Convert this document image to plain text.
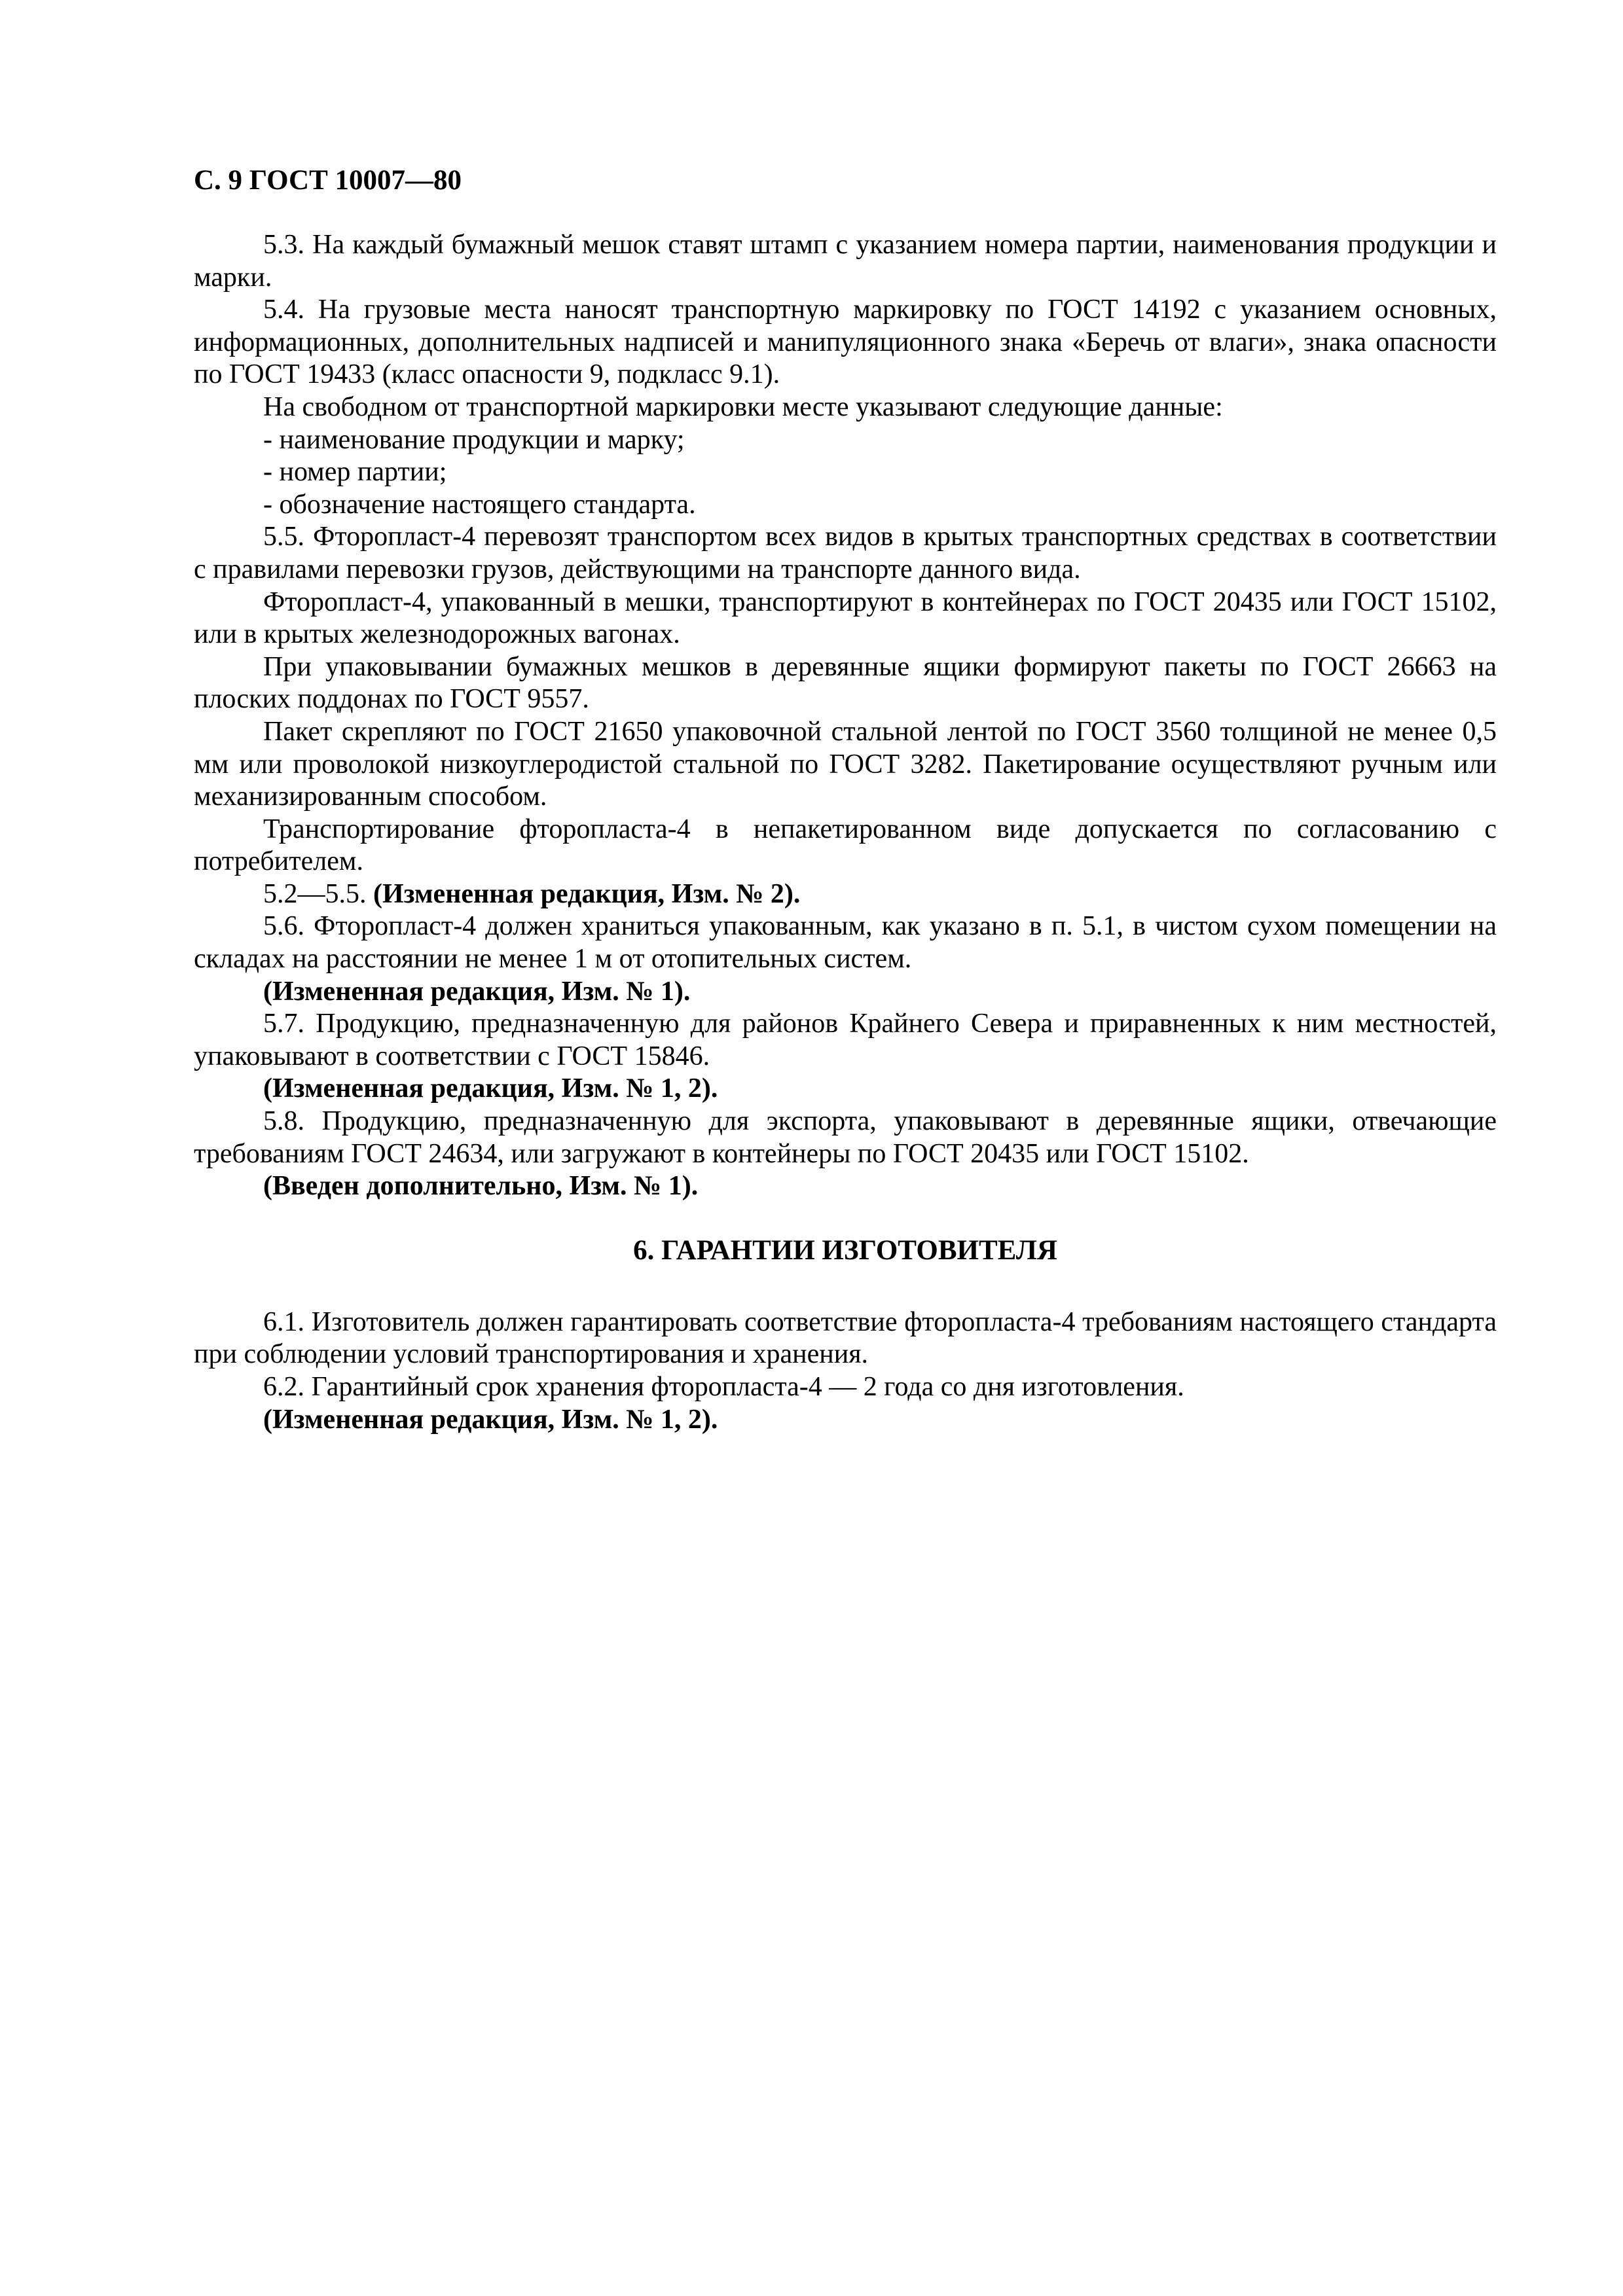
С. 9 ГОСТ 10007—80

5.3. На каждый бумажный мешок ставят штамп с указанием номера партии, наименования продукции и марки.

5.4. На грузовые места наносят транспортную маркировку по ГОСТ 14192 с указанием основных, информационных, дополнительных надписей и манипуляционного знака «Беречь от влаги», знака опасности по ГОСТ 19433 (класс опасности 9, подкласс 9.1).

На свободном от транспортной маркировки месте указывают следующие данные:

- наименование продукции и марку;

- номер партии;

- обозначение настоящего стандарта.

5.5. Фторопласт-4 перевозят транспортом всех видов в крытых транспортных средствах в соответствии с правилами перевозки грузов, действующими на транспорте данного вида.

Фторопласт-4, упакованный в мешки, транспортируют в контейнерах по ГОСТ 20435 или ГОСТ 15102, или в крытых железнодорожных вагонах.

При упаковывании бумажных мешков в деревянные ящики формируют пакеты по ГОСТ 26663 на плоских поддонах по ГОСТ 9557.

Пакет скрепляют по ГОСТ 21650 упаковочной стальной лентой по ГОСТ 3560 толщиной не менее 0,5 мм или проволокой низкоуглеродистой стальной по ГОСТ 3282. Пакетирование осуществляют ручным или механизированным способом.

Транспортирование фторопласта-4 в непакетированном виде допускается по согласованию с потребителем.

5.2—5.5. (Измененная редакция, Изм. № 2).

5.6. Фторопласт-4 должен храниться упакованным, как указано в п. 5.1, в чистом сухом помещении на складах на расстоянии не менее 1 м от отопительных систем.

(Измененная редакция, Изм. № 1).

5.7. Продукцию, предназначенную для районов Крайнего Севера и приравненных к ним местностей, упаковывают в соответствии с ГОСТ 15846.

(Измененная редакция, Изм. № 1, 2).

5.8. Продукцию, предназначенную для экспорта, упаковывают в деревянные ящики, отвечающие требованиям ГОСТ 24634, или загружают в контейнеры по ГОСТ 20435 или ГОСТ 15102.

(Введен дополнительно, Изм. № 1).

6. ГАРАНТИИ ИЗГОТОВИТЕЛЯ

6.1. Изготовитель должен гарантировать соответствие фторопласта-4 требованиям настоящего стандарта при соблюдении условий транспортирования и хранения.

6.2. Гарантийный срок хранения фторопласта-4 — 2 года со дня изготовления.

(Измененная редакция, Изм. № 1, 2).
